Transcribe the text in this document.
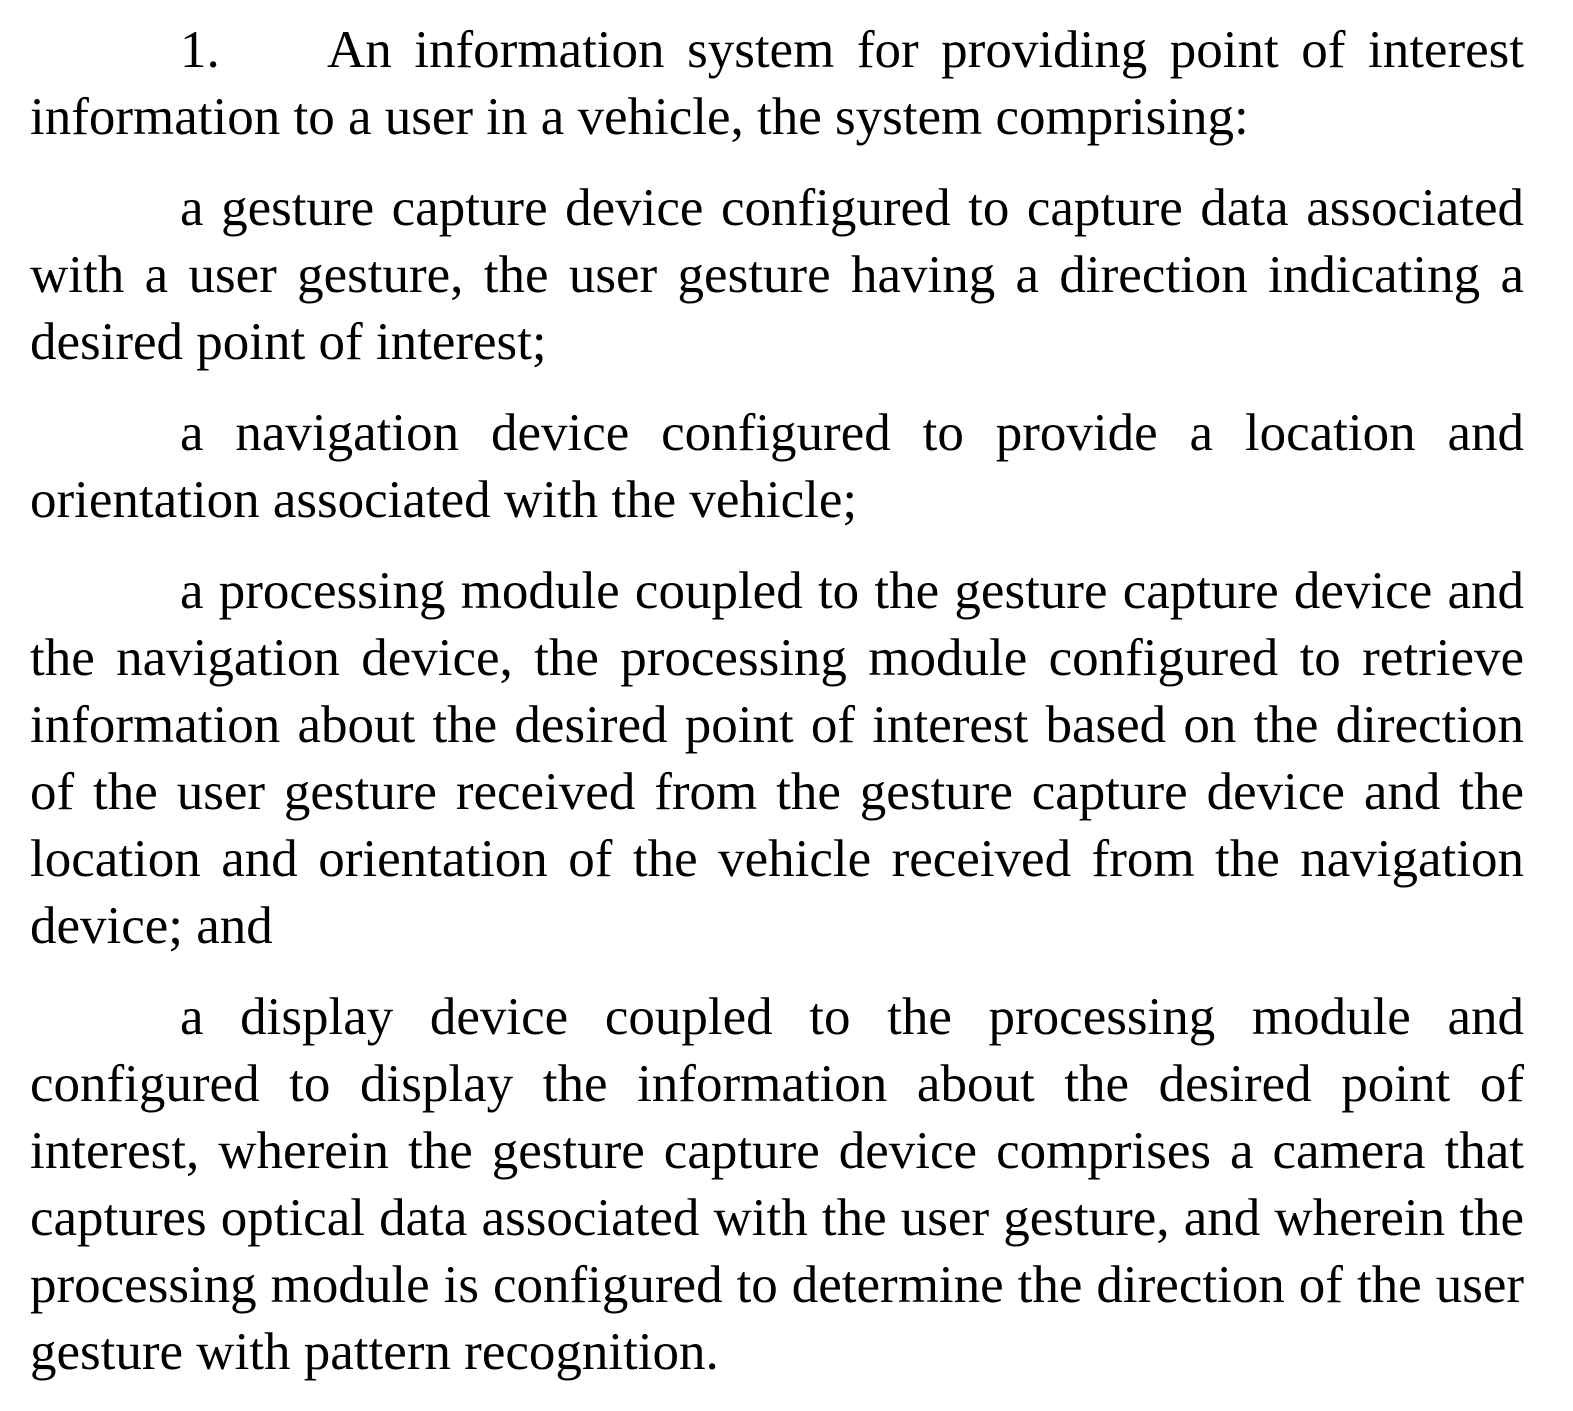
1. An information system for providing point of interest information to a user in a vehicle, the system comprising:

a gesture capture device configured to capture data associated with a user gesture, the user gesture having a direction indicating a desired point of interest;

a navigation device configured to provide a location and orientation associated with the vehicle;

a processing module coupled to the gesture capture device and the navigation device, the processing module configured to retrieve information about the desired point of interest based on the direction of the user gesture received from the gesture capture device and the location and orientation of the vehicle received from the navigation device; and

a display device coupled to the processing module and configured to display the information about the desired point of interest, wherein the gesture capture device comprises a camera that captures optical data associated with the user gesture, and wherein the processing module is configured to determine the direction of the user gesture with pattern recognition.
